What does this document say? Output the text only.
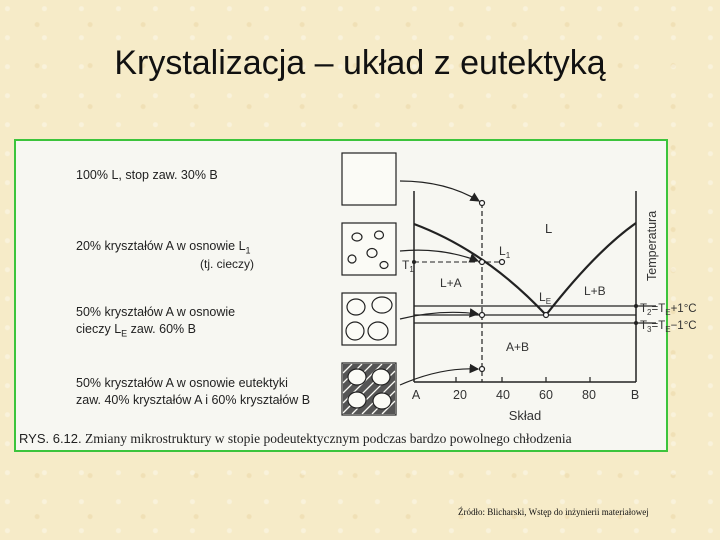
Krystalizacja – układ z eutektyką
L
$L_1$
$T_1$
L+A
L+B
$L_E$
A+B
$T_2=T_E+1^\circ C$
$T_3=T_E-1^\circ C$
Temperatura
Skład
A	20 40 60 80	B
100% L, stop zaw. 30% B
20% kryształów A w osnowie $L_1$
(tj. cieczy)
50% kryształów A w osnowie
cieczy $L_E$ zaw. 60% B
50% kryształów A w osnowie eutektyki
zaw. 40% kryształów A i 60% kryształów B
RYS. 6.12. Zmiany mikrostruktury w stopie podeutektycznym podczas bardzo powolnego chłodzenia
Źródło: Blicharski, Wstęp do inżynierii materiałowej
